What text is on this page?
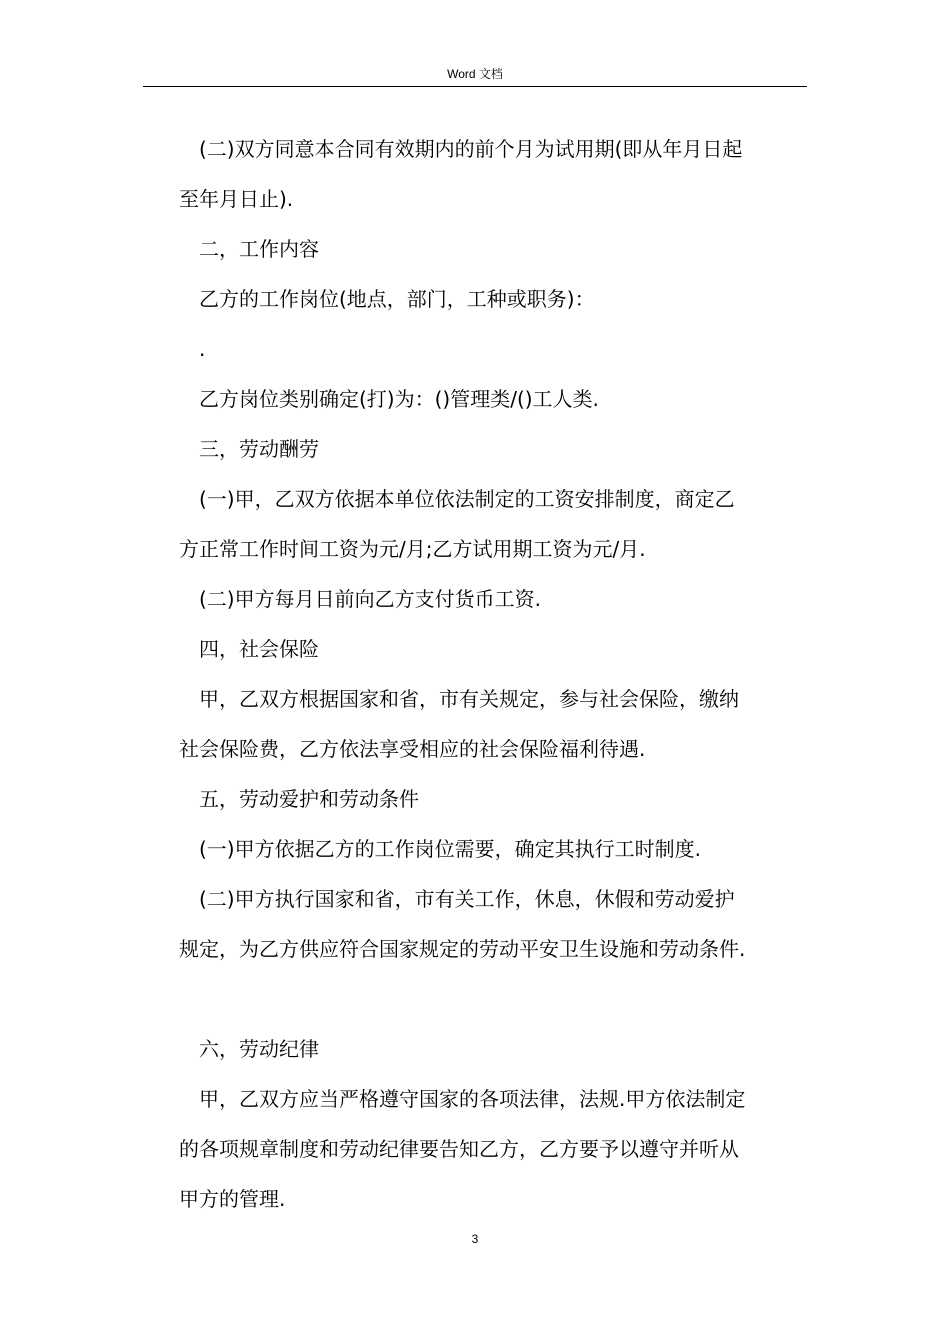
Word 文档
(二)双方同意本合同有效期内的前个月为试用期(即从年月日起
至年月日止).
二，工作内容
乙方的工作岗位(地点，部门，工种或职务)：
.
乙方岗位类别确定(打)为：()管理类/()工人类.
三，劳动酬劳
(一)甲，乙双方依据本单位依法制定的工资安排制度，商定乙
方正常工作时间工资为元/月;乙方试用期工资为元/月.
(二)甲方每月日前向乙方支付货币工资.
四，社会保险
甲，乙双方根据国家和省，市有关规定，参与社会保险，缴纳
社会保险费，乙方依法享受相应的社会保险福利待遇.
五，劳动爱护和劳动条件
(一)甲方依据乙方的工作岗位需要，确定其执行工时制度.
(二)甲方执行国家和省，市有关工作，休息，休假和劳动爱护
规定，为乙方供应符合国家规定的劳动平安卫生设施和劳动条件.
六，劳动纪律
甲，乙双方应当严格遵守国家的各项法律，法规.甲方依法制定
的各项规章制度和劳动纪律要告知乙方，乙方要予以遵守并听从
甲方的管理.
3
